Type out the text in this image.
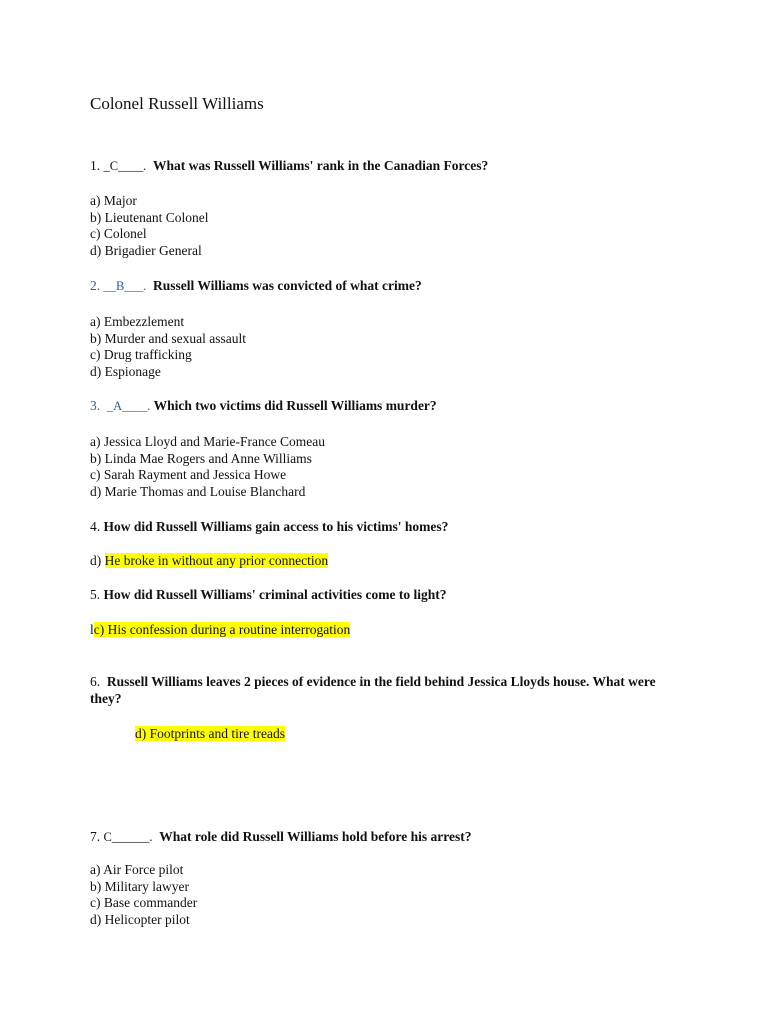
Colonel Russell Williams
1. _C____. What was Russell Williams' rank in the Canadian Forces?
a) Major
b) Lieutenant Colonel
c) Colonel
d) Brigadier General
2. __B___. Russell Williams was convicted of what crime?
a) Embezzlement
b) Murder and sexual assault
c) Drug trafficking
d) Espionage
3. _A____. Which two victims did Russell Williams murder?
a) Jessica Lloyd and Marie-France Comeau
b) Linda Mae Rogers and Anne Williams
c) Sarah Rayment and Jessica Howe
d) Marie Thomas and Louise Blanchard
4. How did Russell Williams gain access to his victims' homes?
d) He broke in without any prior connection
5. How did Russell Williams' criminal activities come to light?
lc) His confession during a routine interrogation
6. Russell Williams leaves 2 pieces of evidence in the field behind Jessica Lloyds house. What were they?
d) Footprints and tire treads
7. C______. What role did Russell Williams hold before his arrest?
a) Air Force pilot
b) Military lawyer
c) Base commander
d) Helicopter pilot
